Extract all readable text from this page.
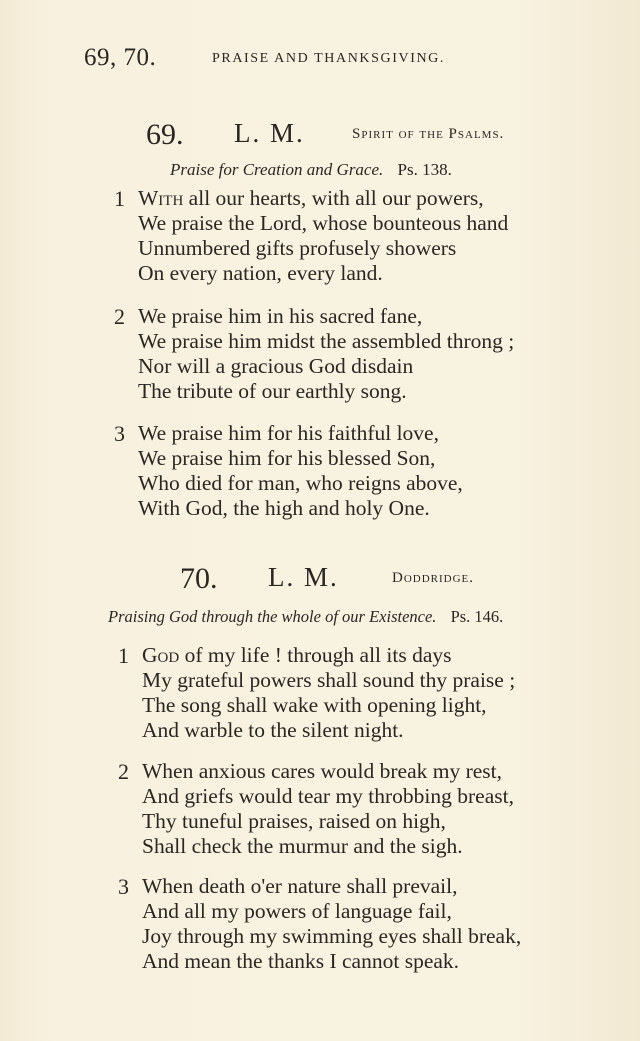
69, 70.	PRAISE AND THANKSGIVING.
69. L. M.	Spirit of the Psalms.
Praise for Creation and Grace. Ps. 138.
1 With all our hearts, with all our powers,
We praise the Lord, whose bounteous hand
Unnumbered gifts profusely showers
On every nation, every land.
2 We praise him in his sacred fane,
We praise him midst the assembled throng ;
Nor will a gracious God disdain
The tribute of our earthly song.
3 We praise him for his faithful love,
We praise him for his blessed Son,
Who died for man, who reigns above,
With God, the high and holy One.
70. L. M.	Doddridge.
Praising God through the whole of our Existence. Ps. 146.
1 God of my life ! through all its days
My grateful powers shall sound thy praise ;
The song shall wake with opening light,
And warble to the silent night.
2 When anxious cares would break my rest,
And griefs would tear my throbbing breast,
Thy tuneful praises, raised on high,
Shall check the murmur and the sigh.
3 When death o'er nature shall prevail,
And all my powers of language fail,
Joy through my swimming eyes shall break,
And mean the thanks I cannot speak.
